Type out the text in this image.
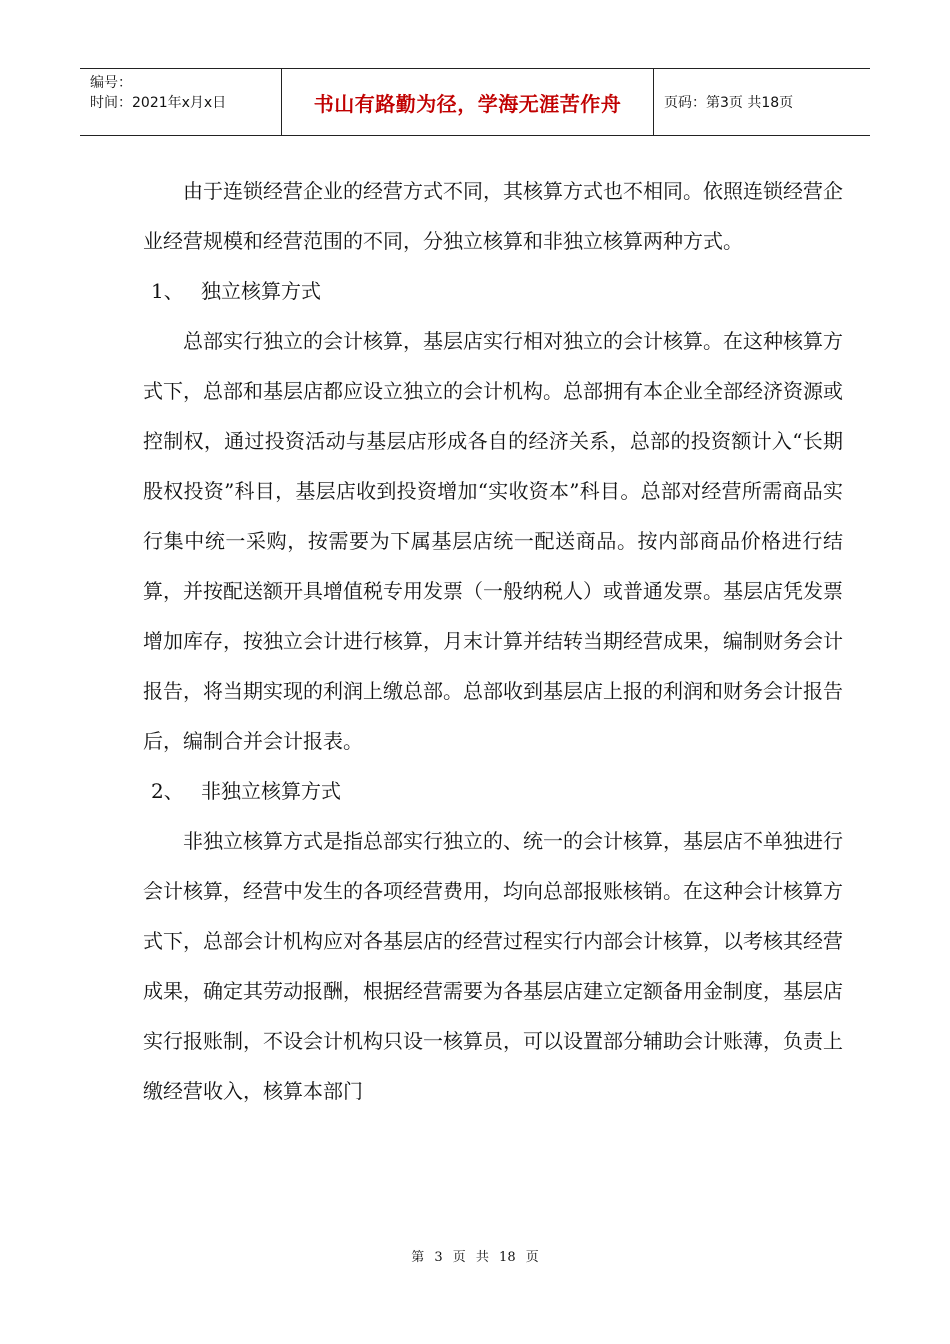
编号：
时间：2021年x月x日	书山有路勤为径，学海无涯苦作舟	页码：第3页 共18页

由于连锁经营企业的经营方式不同，其核算方式也不相同。依照连锁经营企业经营规模和经营范围的不同，分独立核算和非独立核算两种方式。

1、 独立核算方式

总部实行独立的会计核算，基层店实行相对独立的会计核算。在这种核算方式下，总部和基层店都应设立独立的会计机构。总部拥有本企业全部经济资源或控制权，通过投资活动与基层店形成各自的经济关系，总部的投资额计入“长期股权投资”科目，基层店收到投资增加“实收资本”科目。总部对经营所需商品实行集中统一采购，按需要为下属基层店统一配送商品。按内部商品价格进行结算，并按配送额开具增值税专用发票（一般纳税人）或普通发票。基层店凭发票增加库存，按独立会计进行核算，月末计算并结转当期经营成果，编制财务会计报告，将当期实现的利润上缴总部。总部收到基层店上报的利润和财务会计报告后，编制合并会计报表。

2、 非独立核算方式

非独立核算方式是指总部实行独立的、统一的会计核算，基层店不单独进行会计核算，经营中发生的各项经营费用，均向总部报账核销。在这种会计核算方式下，总部会计机构应对各基层店的经营过程实行内部会计核算，以考核其经营成果，确定其劳动报酬，根据经营需要为各基层店建立定额备用金制度，基层店实行报账制，不设会计机构只设一核算员，可以设置部分辅助会计账薄，负责上缴经营收入，核算本部门

第 3 页 共 18 页
